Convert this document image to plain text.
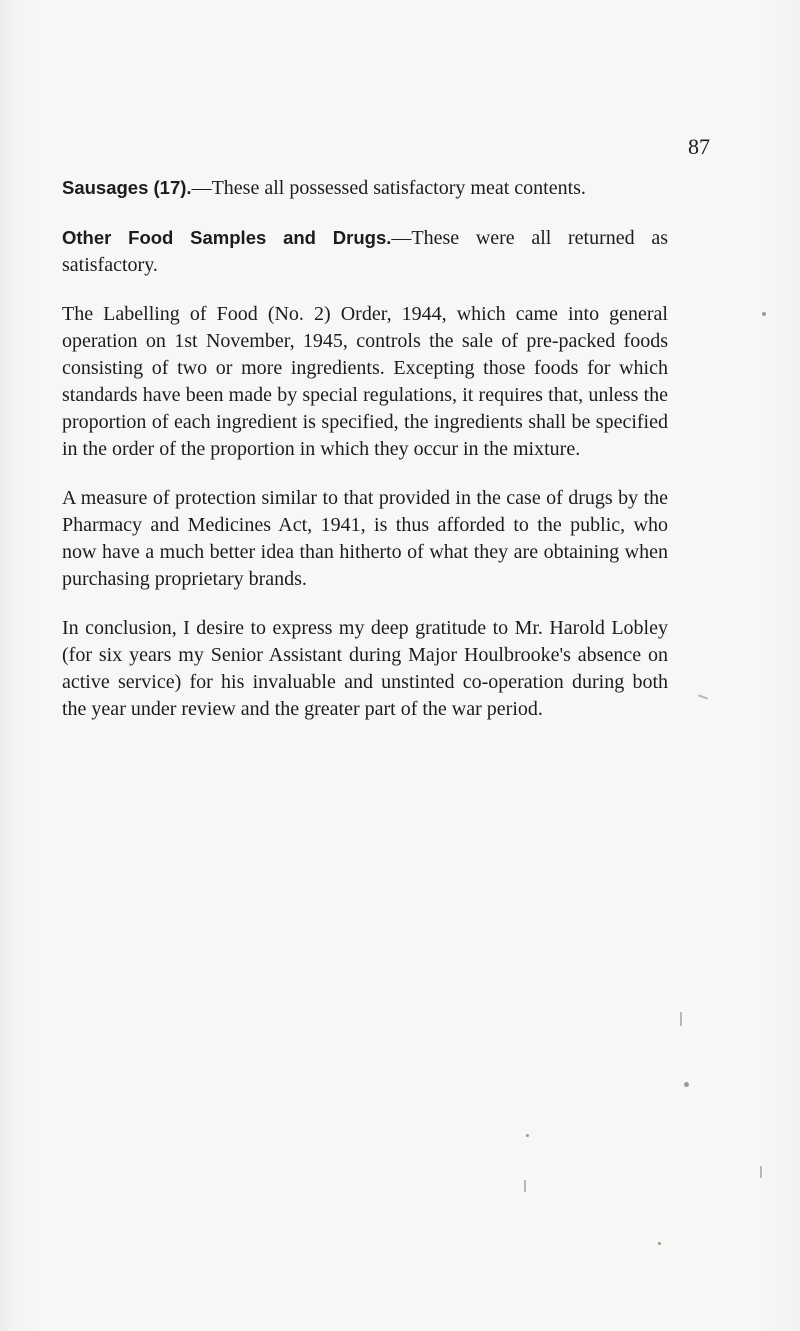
87

Sausages (17).—These all possessed satisfactory meat contents.

Other Food Samples and Drugs.—These were all returned as satisfactory.

The Labelling of Food (No. 2) Order, 1944, which came into general operation on 1st November, 1945, controls the sale of pre-packed foods consisting of two or more ingredients. Excepting those foods for which standards have been made by special regulations, it requires that, unless the proportion of each ingredient is specified, the ingredients shall be specified in the order of the proportion in which they occur in the mixture.

A measure of protection similar to that provided in the case of drugs by the Pharmacy and Medicines Act, 1941, is thus afforded to the public, who now have a much better idea than hitherto of what they are obtaining when purchasing proprietary brands.

In conclusion, I desire to express my deep gratitude to Mr. Harold Lobley (for six years my Senior Assistant during Major Houlbrooke's absence on active service) for his invaluable and unstinted co-operation during both the year under review and the greater part of the war period.
